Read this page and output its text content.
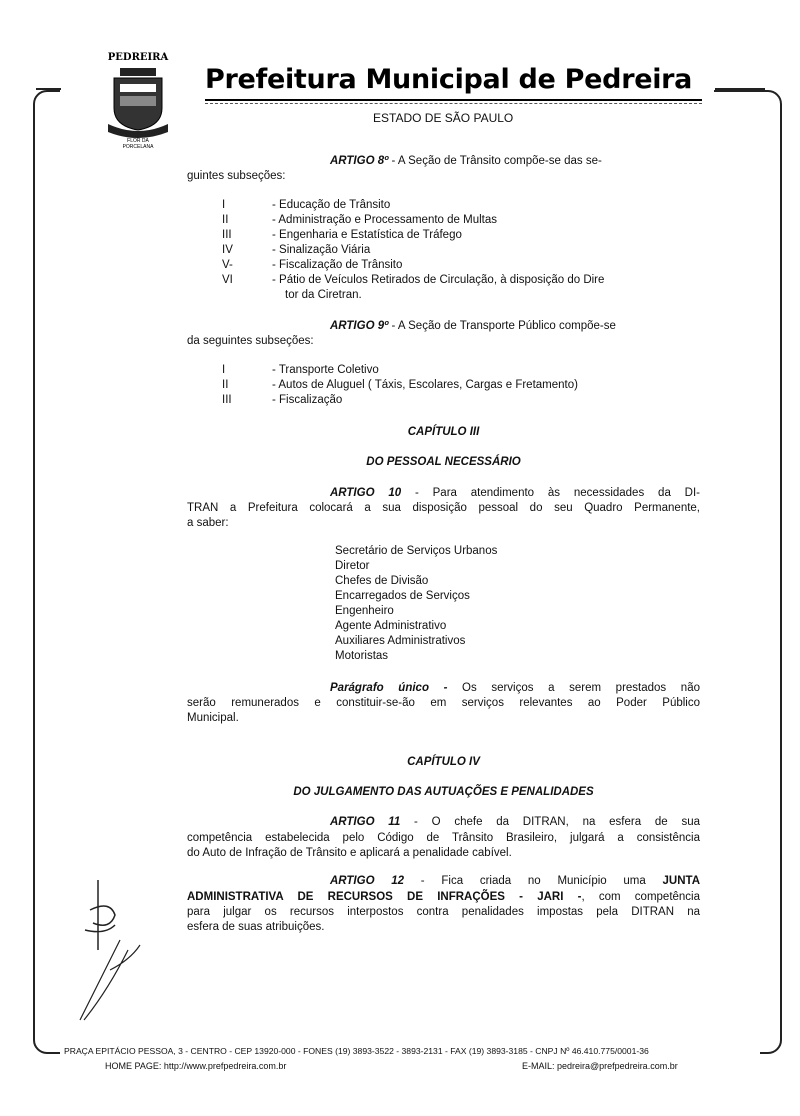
PEDREIRA
FLOR DA
PORCELANA
Prefeitura Municipal de Pedreira
ESTADO DE SÃO PAULO
ARTIGO 8º - A Seção de Trânsito compõe-se das se-
guintes subseções:
I	- Educação de Trânsito
II	- Administração e Processamento de Multas
III	- Engenharia e Estatística de Tráfego
IV	- Sinalização Viária
V-	- Fiscalização de Trânsito
VI	- Pátio de Veículos Retirados de Circulação, à disposição do Dire
tor da Ciretran.
ARTIGO 9º - A Seção de Transporte Público compõe-se
da seguintes subseções:
I	- Transporte Coletivo
II	- Autos de Aluguel ( Táxis, Escolares, Cargas e Fretamento)
III	- Fiscalização
CAPÍTULO III
DO PESSOAL NECESSÁRIO
ARTIGO 10 - Para atendimento às necessidades da DI-
TRAN a Prefeitura colocará a sua disposição pessoal do seu Quadro Permanente,
a saber:
Secretário de Serviços Urbanos
Diretor
Chefes de Divisão
Encarregados de Serviços
Engenheiro
Agente Administrativo
Auxiliares Administrativos
Motoristas
Parágrafo único - Os serviços a serem prestados não
serão remunerados e constituir-se-ão em serviços relevantes ao Poder Público
Municipal.
CAPÍTULO IV
DO JULGAMENTO DAS AUTUAÇÕES E PENALIDADES
ARTIGO 11 - O chefe da DITRAN, na esfera de sua
competência estabelecida pelo Código de Trânsito Brasileiro, julgará a consistência
do Auto de Infração de Trânsito e aplicará a penalidade cabível.
ARTIGO 12 - Fica criada no Município uma JUNTA
ADMINISTRATIVA DE RECURSOS DE INFRAÇÕES - JARI -, com competência
para julgar os recursos interpostos contra penalidades impostas pela DITRAN na
esfera de suas atribuições.
PRAÇA EPITÁCIO PESSOA, 3 - CENTRO - CEP 13920-000 - FONES (19) 3893-3522 - 3893-2131 - FAX (19) 3893-3185 - CNPJ Nº 46.410.775/0001-36
HOME PAGE: http://www.prefpedreira.com.br	E-MAIL: pedreira@prefpedreira.com.br
